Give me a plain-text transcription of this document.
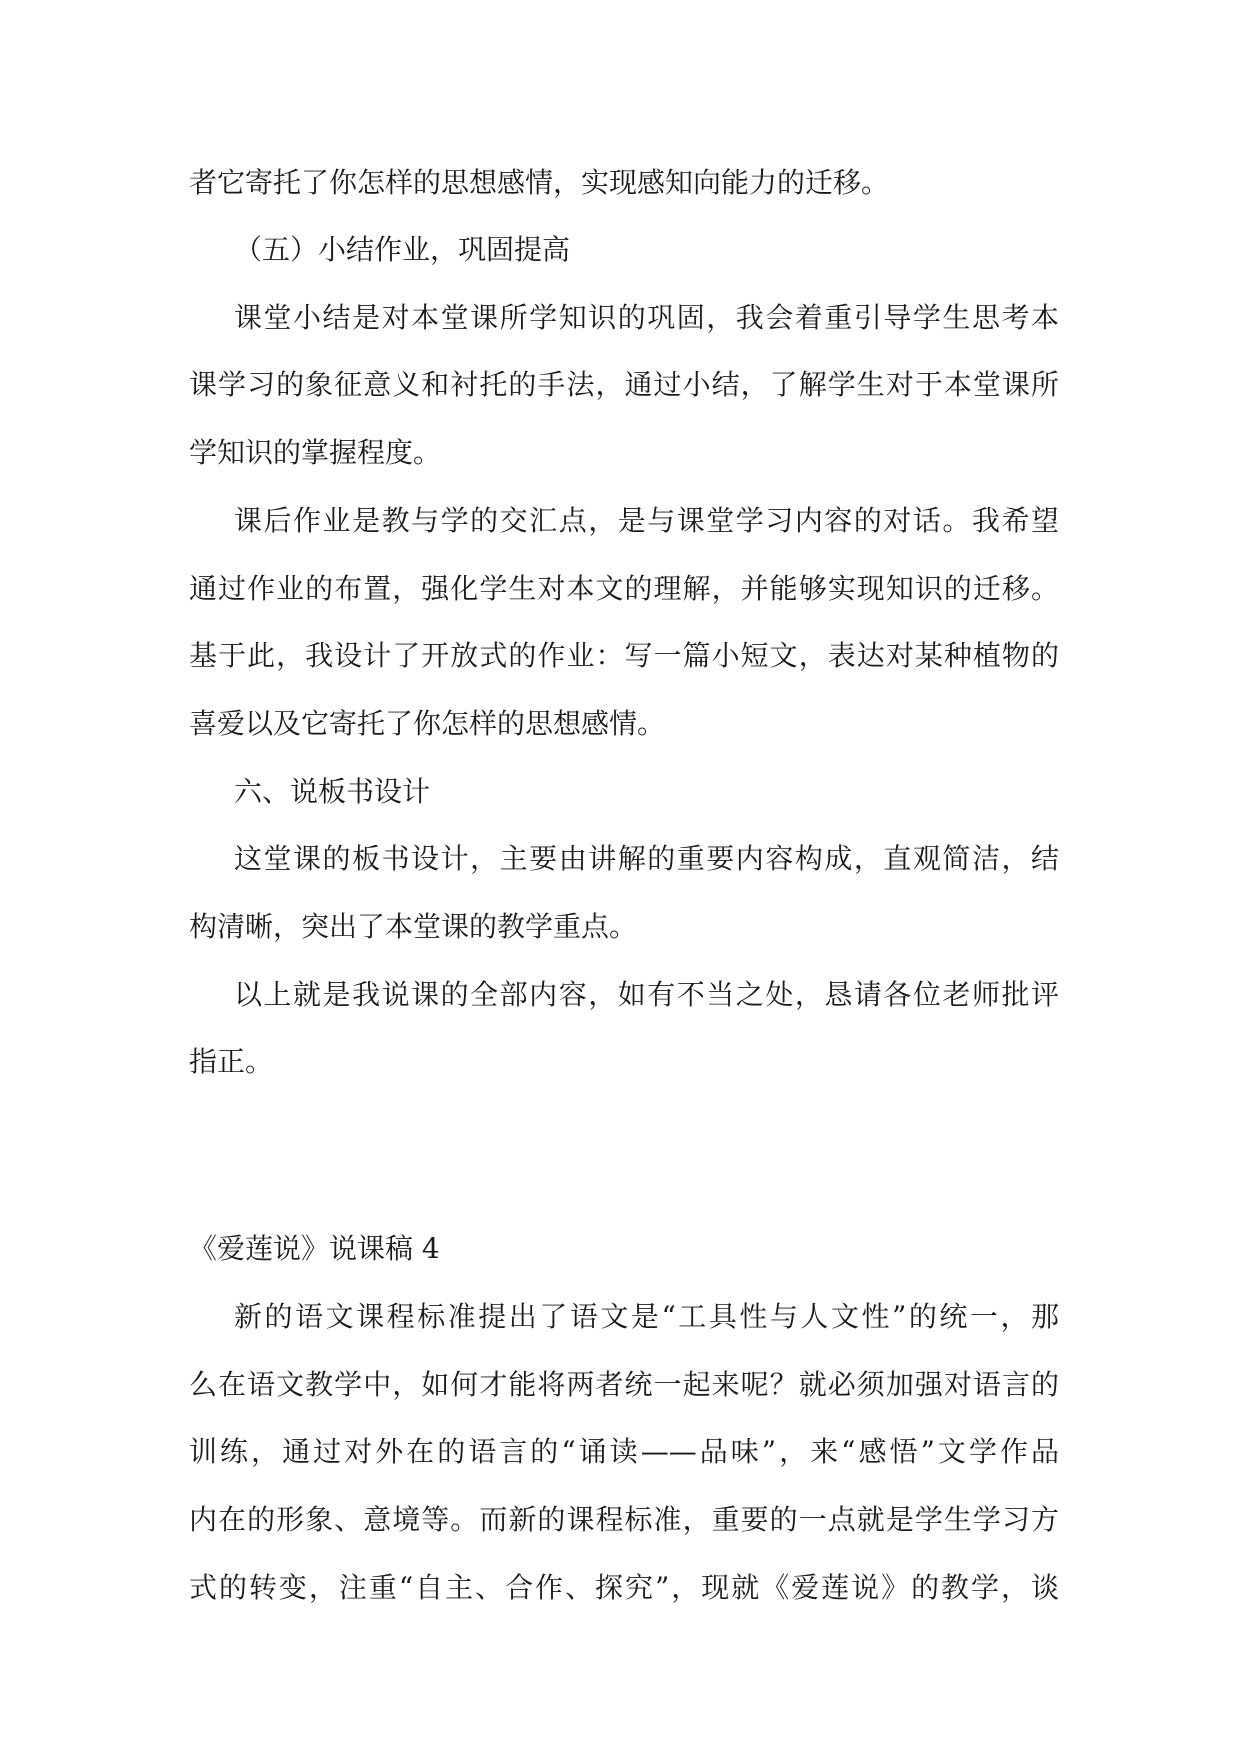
者它寄托了你怎样的思想感情，实现感知向能力的迁移。
（五）小结作业，巩固提高
课堂小结是对本堂课所学知识的巩固，我会着重引导学生思考本
课学习的象征意义和衬托的手法，通过小结，了解学生对于本堂课所
学知识的掌握程度。
课后作业是教与学的交汇点，是与课堂学习内容的对话。我希望
通过作业的布置，强化学生对本文的理解，并能够实现知识的迁移。
基于此，我设计了开放式的作业：写一篇小短文，表达对某种植物的
喜爱以及它寄托了你怎样的思想感情。
六、说板书设计
这堂课的板书设计，主要由讲解的重要内容构成，直观简洁，结
构清晰，突出了本堂课的教学重点。
以上就是我说课的全部内容，如有不当之处，恳请各位老师批评
指正。
《爱莲说》说课稿 4
新的语文课程标准提出了语文是“工具性与人文性”的统一，那
么在语文教学中，如何才能将两者统一起来呢？就必须加强对语言的
训练，通过对外在的语言的“诵读——品味”，来“感悟”文学作品
内在的形象、意境等。而新的课程标准，重要的一点就是学生学习方
式的转变，注重“自主、合作、探究”，现就《爱莲说》的教学，谈
